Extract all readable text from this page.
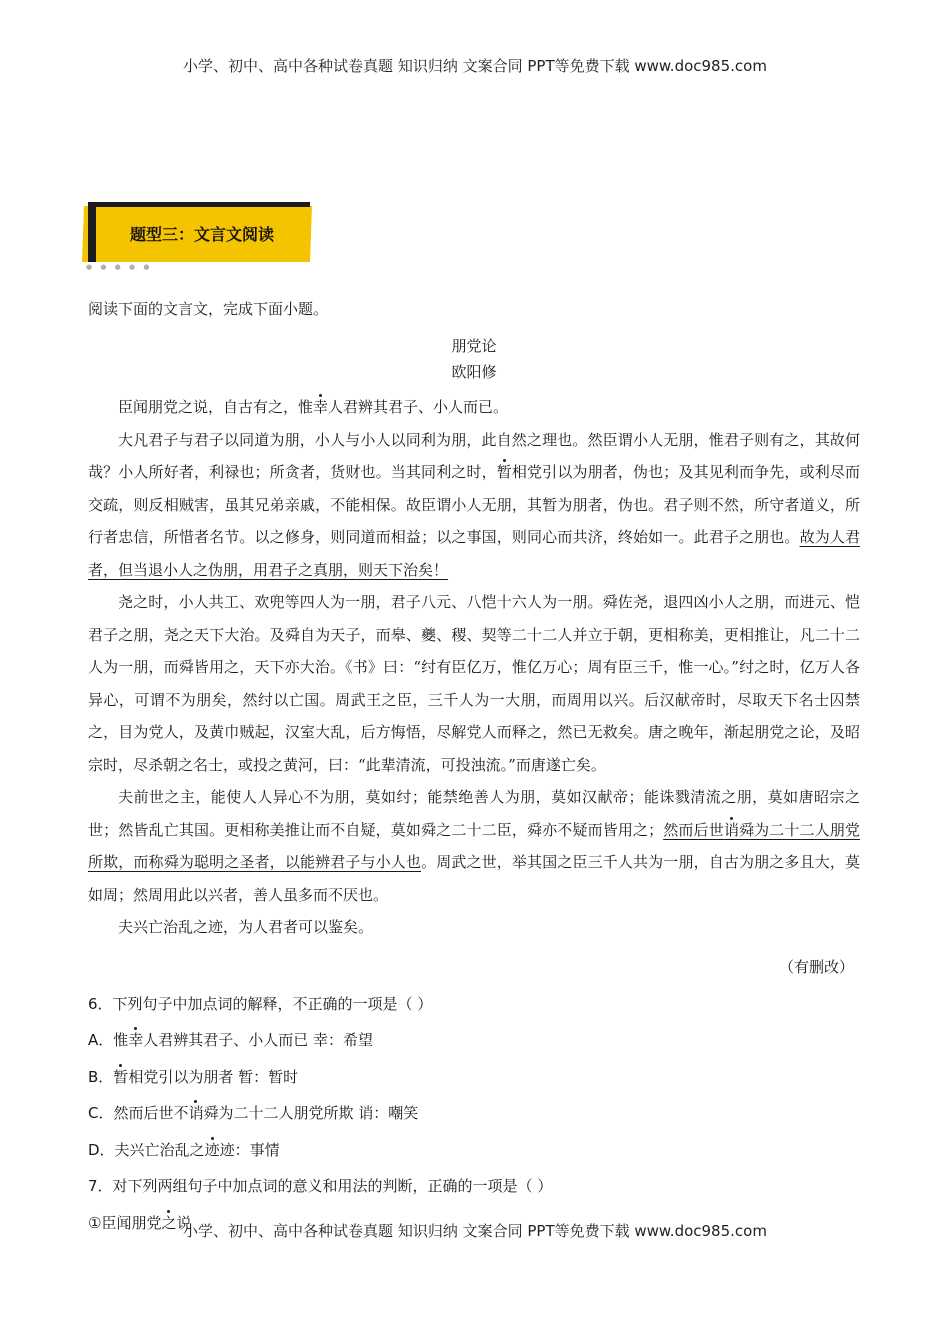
小学、初中、高中各种试卷真题 知识归纳 文案合同 PPT等免费下载 www.doc985.com
● ● ● ● ●
题型三：文言文阅读

阅读下面的文言文，完成下面小题。

朋党论

欧阳修

臣闻朋党之说，自古有之，惟幸人君辨其君子、小人而已。

大凡君子与君子以同道为朋，小人与小人以同利为朋，此自然之理也。然臣谓小人无朋，惟君子则有之，其故何哉？小人所好者，利禄也；所贪者，货财也。当其同利之时，暂相党引以为朋者，伪也；及其见利而争先，或利尽而交疏，则反相贼害，虽其兄弟亲戚，不能相保。故臣谓小人无朋，其暂为朋者，伪也。君子则不然，所守者道义，所行者忠信，所惜者名节。以之修身，则同道而相益；以之事国，则同心而共济，终始如一。此君子之朋也。故为人君者，但当退小人之伪朋，用君子之真朋，则天下治矣！

尧之时，小人共工、欢兜等四人为一朋，君子八元、八恺十六人为一朋。舜佐尧，退四凶小人之朋，而进元、恺君子之朋，尧之天下大治。及舜自为天子，而皋、夔、稷、契等二十二人并立于朝，更相称美，更相推让，凡二十二人为一朋，而舜皆用之，天下亦大治。《书》曰：“纣有臣亿万，惟亿万心；周有臣三千，惟一心。”纣之时，亿万人各异心，可谓不为朋矣，然纣以亡国。周武王之臣，三千人为一大朋，而周用以兴。后汉献帝时，尽取天下名士囚禁之，目为党人，及黄巾贼起，汉室大乱，后方悔悟，尽解党人而释之，然已无救矣。唐之晚年，渐起朋党之论，及昭宗时，尽杀朝之名士，或投之黄河，曰：“此辈清流，可投浊流。”而唐遂亡矣。

夫前世之主，能使人人异心不为朋，莫如纣；能禁绝善人为朋，莫如汉献帝；能诛戮清流之朋，莫如唐昭宗之世；然皆乱亡其国。更相称美推让而不自疑，莫如舜之二十二臣，舜亦不疑而皆用之；然而后世诮舜为二十二人朋党所欺，而称舜为聪明之圣者，以能辨君子与小人也。周武之世，举其国之臣三千人共为一朋，自古为朋之多且大，莫如周；然周用此以兴者，善人虽多而不厌也。

夫兴亡治乱之迹，为人君者可以鉴矣。

（有删改）

6．下列句子中加点词的解释，不正确的一项是（ ）

A．惟幸人君辨其君子、小人而已 幸：希望

B．暂相党引以为朋者 暂：暂时

C．然而后世不诮舜为二十二人朋党所欺 诮：嘲笑

D．夫兴亡治乱之迹迹：事情

7．对下列两组句子中加点词的意义和用法的判断，正确的一项是（ ）

①臣闻朋党之说

小学、初中、高中各种试卷真题 知识归纳 文案合同 PPT等免费下载 www.doc985.com
